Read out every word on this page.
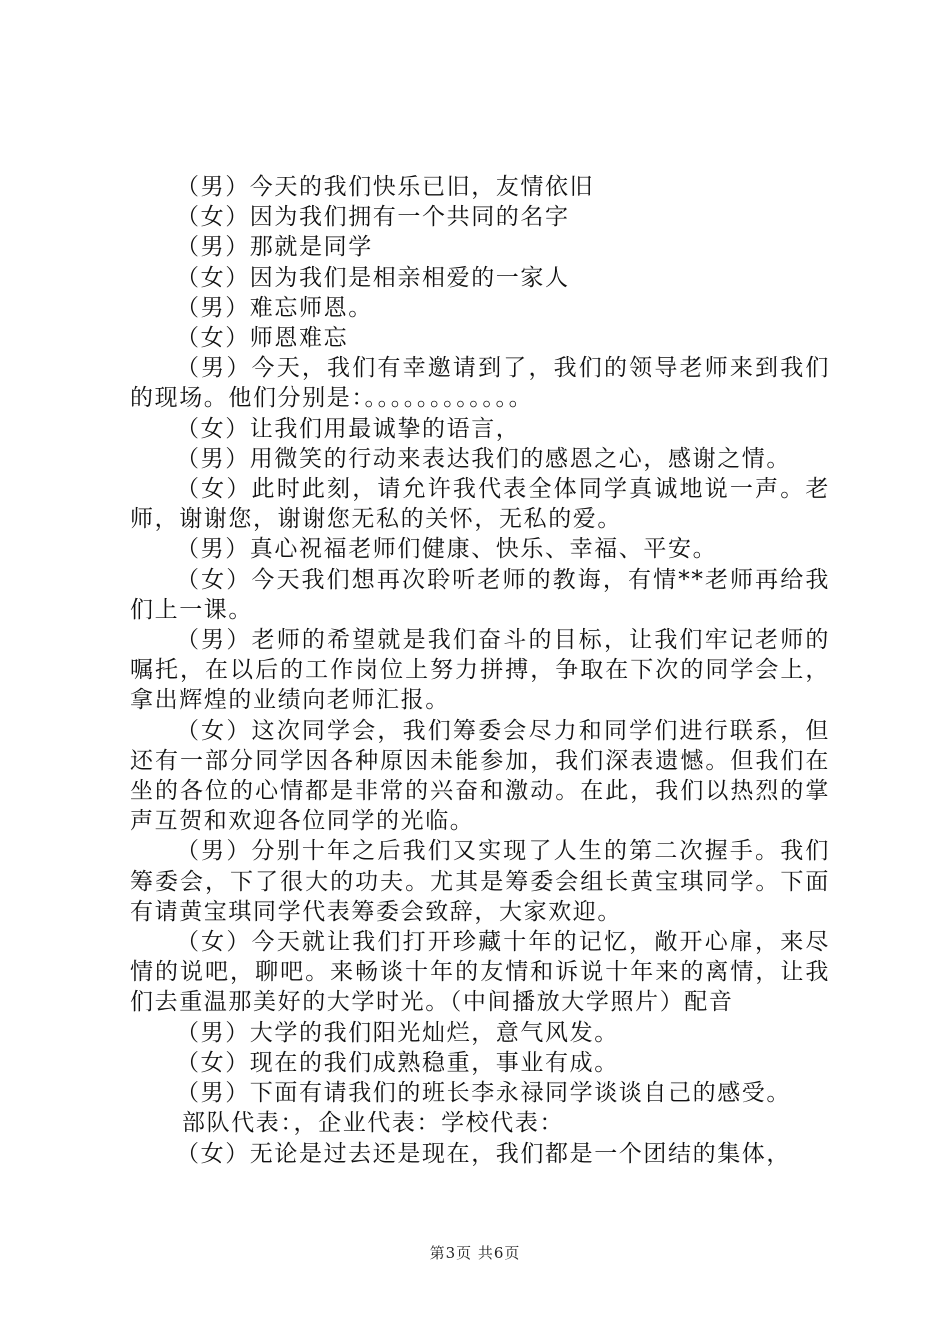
（男）今天的我们快乐已旧，友情依旧

（女）因为我们拥有一个共同的名字

（男）那就是同学

（女）因为我们是相亲相爱的一家人

（男）难忘师恩。

（女）师恩难忘

（男）今天，我们有幸邀请到了，我们的领导老师来到我们的现场。他们分别是：。。。。。。。。。。。。

（女）让我们用最诚挚的语言，

（男）用微笑的行动来表达我们的感恩之心，感谢之情。

（女）此时此刻，请允许我代表全体同学真诚地说一声。老师，谢谢您，谢谢您无私的关怀，无私的爱。

（男）真心祝福老师们健康、快乐、幸福、平安。

（女）今天我们想再次聆听老师的教诲，有情**老师再给我们上一课。

（男）老师的希望就是我们奋斗的目标，让我们牢记老师的嘱托，在以后的工作岗位上努力拼搏，争取在下次的同学会上，拿出辉煌的业绩向老师汇报。

（女）这次同学会，我们筹委会尽力和同学们进行联系，但还有一部分同学因各种原因未能参加，我们深表遗憾。但我们在坐的各位的心情都是非常的兴奋和激动。在此，我们以热烈的掌声互贺和欢迎各位同学的光临。

（男）分别十年之后我们又实现了人生的第二次握手。我们筹委会，下了很大的功夫。尤其是筹委会组长黄宝琪同学。下面有请黄宝琪同学代表筹委会致辞，大家欢迎。

（女）今天就让我们打开珍藏十年的记忆，敞开心扉，来尽情的说吧，聊吧。来畅谈十年的友情和诉说十年来的离情，让我们去重温那美好的大学时光。（中间播放大学照片）配音

（男）大学的我们阳光灿烂，意气风发。

（女）现在的我们成熟稳重，事业有成。

（男）下面有请我们的班长李永禄同学谈谈自己的感受。

部队代表：，企业代表：学校代表：

（女）无论是过去还是现在，我们都是一个团结的集体，

第3页 共6页
